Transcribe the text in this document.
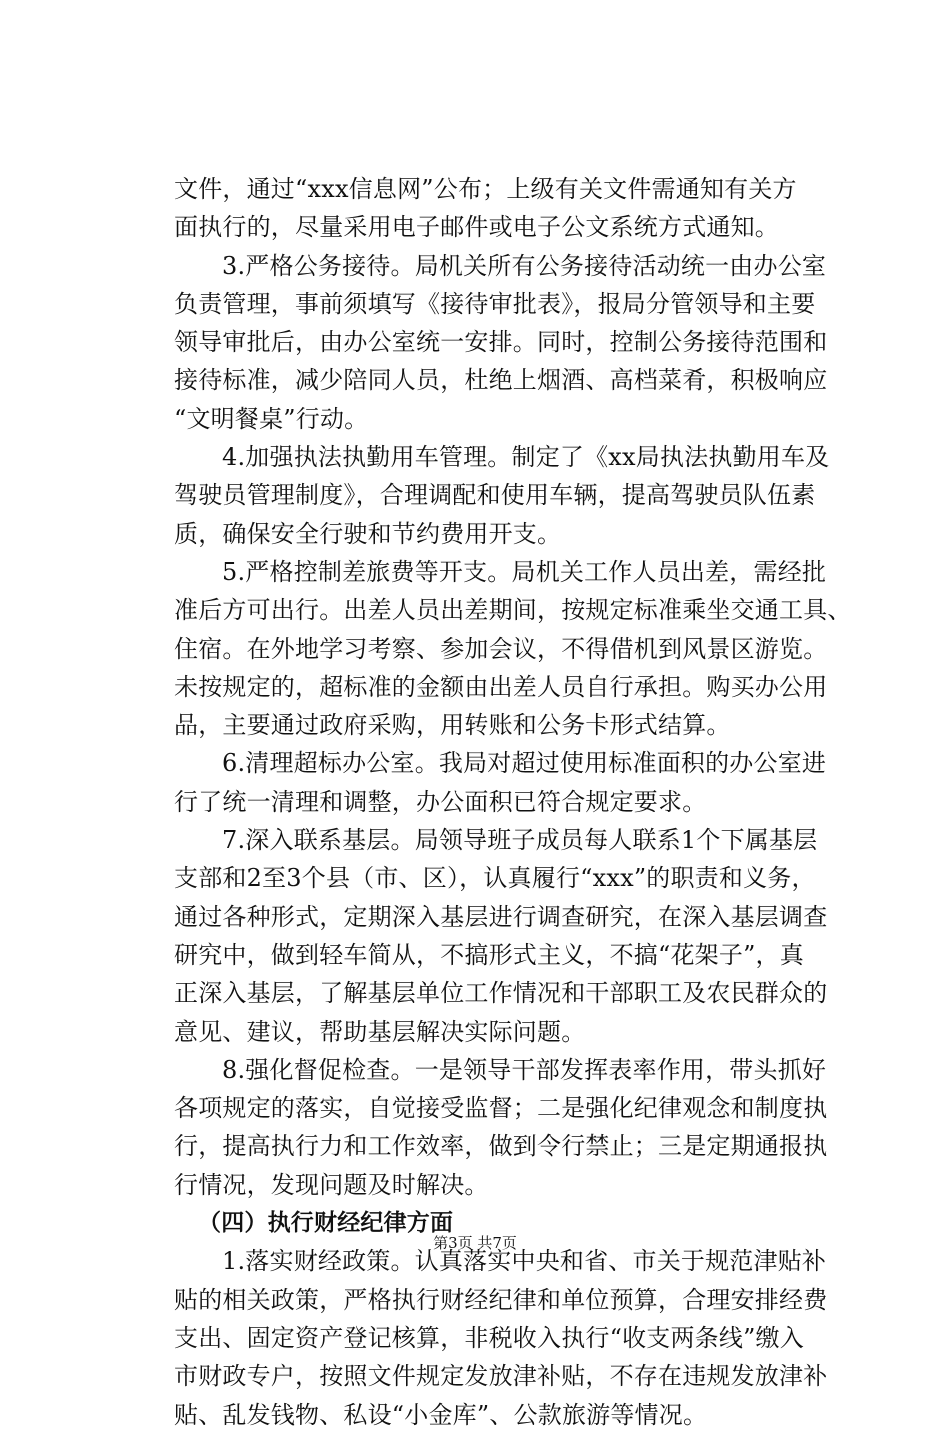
文件，通过“xxx信息网”公布；上级有关文件需通知有关方
面执行的，尽量采用电子邮件或电子公文系统方式通知。
3.严格公务接待。局机关所有公务接待活动统一由办公室
负责管理，事前须填写《接待审批表》，报局分管领导和主要
领导审批后，由办公室统一安排。同时，控制公务接待范围和
接待标准，减少陪同人员，杜绝上烟酒、高档菜肴，积极响应
“文明餐桌”行动。
4.加强执法执勤用车管理。制定了《xx局执法执勤用车及
驾驶员管理制度》，合理调配和使用车辆，提高驾驶员队伍素
质，确保安全行驶和节约费用开支。
5.严格控制差旅费等开支。局机关工作人员出差，需经批
准后方可出行。出差人员出差期间，按规定标准乘坐交通工具、
住宿。在外地学习考察、参加会议，不得借机到风景区游览。
未按规定的，超标准的金额由出差人员自行承担。购买办公用
品，主要通过政府采购，用转账和公务卡形式结算。
6.清理超标办公室。我局对超过使用标准面积的办公室进
行了统一清理和调整，办公面积已符合规定要求。
7.深入联系基层。局领导班子成员每人联系1个下属基层
支部和2至3个县（市、区），认真履行“xxx”的职责和义务，
通过各种形式，定期深入基层进行调查研究，在深入基层调查
研究中，做到轻车简从，不搞形式主义，不搞“花架子”，真
正深入基层，了解基层单位工作情况和干部职工及农民群众的
意见、建议，帮助基层解决实际问题。
8.强化督促检查。一是领导干部发挥表率作用，带头抓好
各项规定的落实，自觉接受监督；二是强化纪律观念和制度执
行，提高执行力和工作效率，做到令行禁止；三是定期通报执
行情况，发现问题及时解决。
（四）执行财经纪律方面
1.落实财经政策。认真落实中央和省、市关于规范津贴补
贴的相关政策，严格执行财经纪律和单位预算，合理安排经费
支出、固定资产登记核算，非税收入执行“收支两条线”缴入
市财政专户，按照文件规定发放津补贴，不存在违规发放津补
贴、乱发钱物、私设“小金库”、公款旅游等情况。
第3页 共7页
